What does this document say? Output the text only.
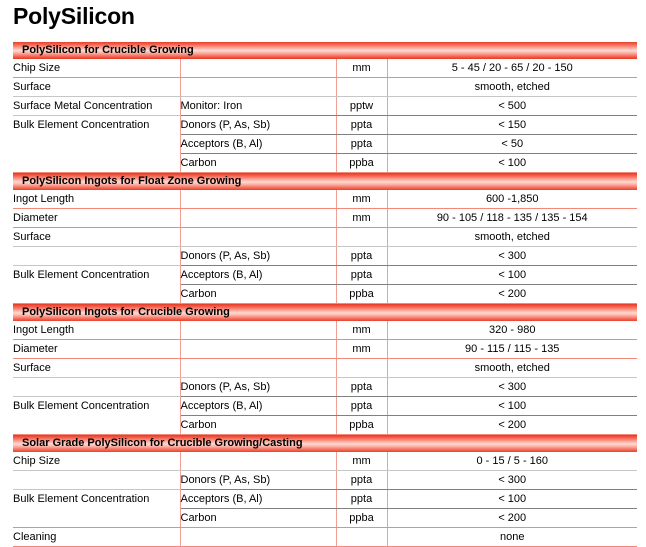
PolySilicon
PolySilicon for Crucible Growing			

Chip Size		mm	5 - 45 / 20 - 65 / 20 - 150
Surface			smooth, etched
Surface Metal Concentration	Monitor: Iron	pptw	< 500
Bulk Element Concentration	Donors (P, As, Sb)	ppta	< 150
	Acceptors (B, Al)	ppta	< 50
	Carbon	ppba	< 100

PolySilicon Ingots for Float Zone Growing			

Ingot Length		mm	600 -1,850
Diameter		mm	90 - 105 / 118 - 135 / 135 - 154
Surface			smooth, etched
	Donors (P, As, Sb)	ppta	< 300
Bulk Element Concentration	Acceptors (B, Al)	ppta	< 100
	Carbon	ppba	< 200

PolySilicon Ingots for Crucible Growing			

Ingot Length		mm	320 - 980
Diameter		mm	90 - 115 / 115 - 135
Surface			smooth, etched
	Donors (P, As, Sb)	ppta	< 300
Bulk Element Concentration	Acceptors (B, Al)	ppta	< 100
	Carbon	ppba	< 200

Solar Grade PolySilicon for Crucible Growing/Casting			

Chip Size		mm	0 - 15 / 5 - 160
	Donors (P, As, Sb)	ppta	< 300
Bulk Element Concentration	Acceptors (B, Al)	ppta	< 100
	Carbon	ppba	< 200
Cleaning			none
